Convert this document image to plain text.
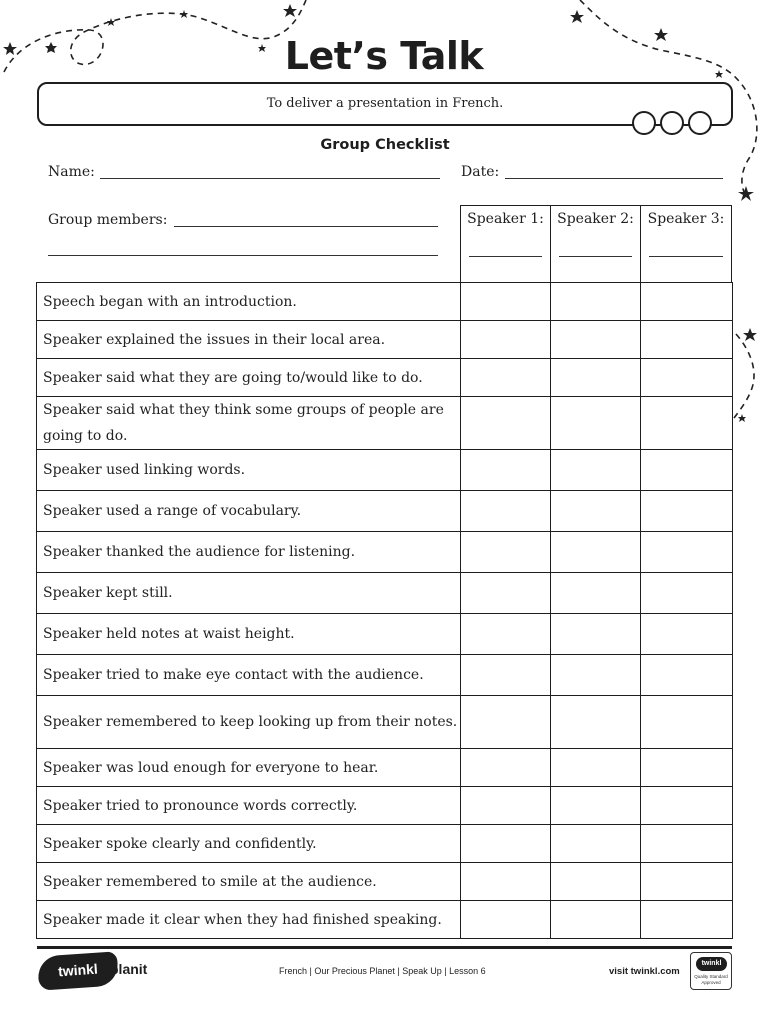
Let’s Talk
To deliver a presentation in French.
Group Checklist
Name:	Date:
Group members:	Speaker 1: Speaker 2: Speaker 3:
Speech began with an introduction.			
Speaker explained the issues in their local area.			
Speaker said what they are going to/would like to do.			
Speaker said what they think some groups of people are going to do.			
Speaker used linking words.			
Speaker used a range of vocabulary.			
Speaker thanked the audience for listening.			
Speaker kept still.			
Speaker held notes at waist height.			
Speaker tried to make eye contact with the audience.			
Speaker remembered to keep looking up from their notes.			
Speaker was loud enough for everyone to hear.			
Speaker tried to pronounce words correctly.			
Speaker spoke clearly and confidently.			
Speaker remembered to smile at the audience.			
Speaker made it clear when they had finished speaking.			
twinkl planit	French | Our Precious Planet | Speak Up | Lesson 6	visit twinkl.com
twinkl
Quality Standard Approved
